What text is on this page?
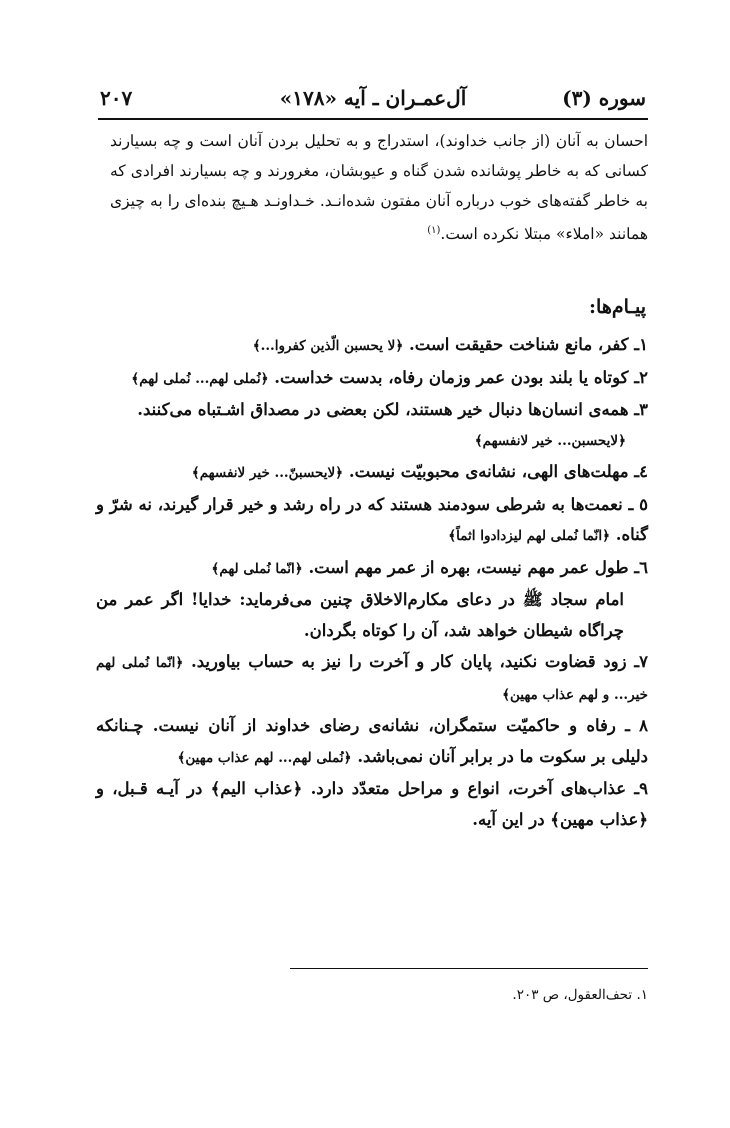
سوره (۳)
آل‌عمـران ـ آیه «۱۷۸»
۲۰۷

احسان به آنان (از جانب خداوند)، استدراج و به تحلیل بردن آنان است و چه بسیارند کسانی که به خاطر پوشانده شدن گناه و عیوبشان، مغرورند و چه بسیارند افرادی که به خاطر گفته‌های خوب درباره آنان مفتون شده‌انـد. خـداونـد هـیچ بنده‌ای را به چیزی همانند «املاء» مبتلا نکرده است.$^{(۱)}$

پیـام‌ها:
۱ـ کفر، مانع شناخت حقیقت است. ﴿لا یحسبن الّذین کفروا...﴾
۲ـ کوتاه یا بلند بودن عمر وزمان رفاه، بدست خداست. ﴿نُملی لهم... نُملی لهم﴾
۳ـ همه‌ی انسان‌ها دنبال خیر هستند، لکن بعضی در مصداق اشـتباه می‌کنند.
﴿لایحسبن... خیر لانفسهم﴾
٤ـ مهلت‌های الهی، نشانه‌ی محبوبیّت نیست. ﴿لایحسبنّ... خیر لانفسهم﴾
٥ ـ نعمت‌ها به شرطی سودمند هستند که در راه رشد و خیر قرار گیرند، نه شرّ و گناه. ﴿انّما نُملی لهم لیزدادوا اثماً﴾
٦ـ طول عمر مهم نیست، بهره از عمر مهم است. ﴿انّما نُملی لهم﴾
امام سجاد ﷺ در دعای مکارم‌الاخلاق چنین می‌فرماید: خدایا! اگر عمر من چراگاه شیطان خواهد شد، آن را کوتاه بگردان.
۷ـ زود قضاوت نکنید، پایان کار و آخرت را نیز به حساب بیاورید. ﴿انّما نُملی لهم خیر... و لهم عذاب مهین﴾
۸ ـ رفاه و حاکمیّت ستمگران، نشانه‌ی رضای خداوند از آنان نیست. چـنانکه دلیلی بر سکوت ما در برابر آنان نمی‌باشد. ﴿نُملی لهم... لهم عذاب مهین﴾
۹ـ عذاب‌های آخرت، انواع و مراحل متعدّد دارد. ﴿عذاب الیم﴾ در آیـه قـبل، و ﴿عذاب مهین﴾ در این آیه.
۱. تحف‌العقول، ص ۲۰۳.
